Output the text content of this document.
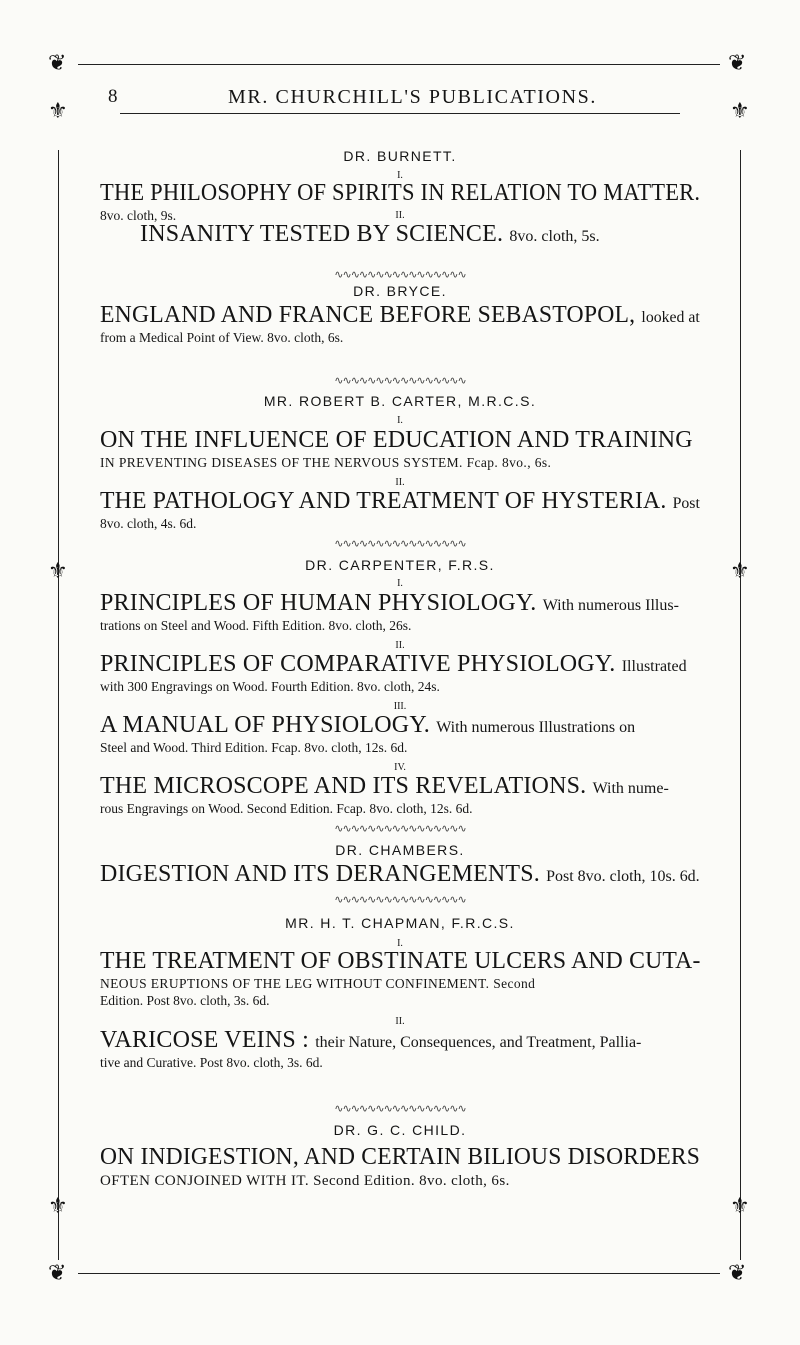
❦	❦
⚜	⚜
⚜	⚜
⚜	⚜
❦	❦
8	MR. CHURCHILL'S PUBLICATIONS.
DR. BURNETT.
I.
THE PHILOSOPHY OF SPIRITS IN RELATION TO MATTER.
8vo. cloth, 9s.	II.
INSANITY TESTED BY SCIENCE. 8vo. cloth, 5s.
∿∿∿∿∿∿∿∿∿∿∿∿∿∿∿∿
DR. BRYCE.
ENGLAND AND FRANCE BEFORE SEBASTOPOL, looked at
from a Medical Point of View. 8vo. cloth, 6s.
∿∿∿∿∿∿∿∿∿∿∿∿∿∿∿∿
MR. ROBERT B. CARTER, M.R.C.S.
I.
ON THE INFLUENCE OF EDUCATION AND TRAINING
IN PREVENTING DISEASES OF THE NERVOUS SYSTEM. Fcap. 8vo., 6s.
II.
THE PATHOLOGY AND TREATMENT OF HYSTERIA. Post
8vo. cloth, 4s. 6d.
∿∿∿∿∿∿∿∿∿∿∿∿∿∿∿∿
DR. CARPENTER, F.R.S.
I.
PRINCIPLES OF HUMAN PHYSIOLOGY. With numerous Illus-
trations on Steel and Wood. Fifth Edition. 8vo. cloth, 26s.
II.
PRINCIPLES OF COMPARATIVE PHYSIOLOGY. Illustrated
with 300 Engravings on Wood. Fourth Edition. 8vo. cloth, 24s.
III.
A MANUAL OF PHYSIOLOGY. With numerous Illustrations on
Steel and Wood. Third Edition. Fcap. 8vo. cloth, 12s. 6d.
IV.
THE MICROSCOPE AND ITS REVELATIONS. With nume-
rous Engravings on Wood. Second Edition. Fcap. 8vo. cloth, 12s. 6d.
∿∿∿∿∿∿∿∿∿∿∿∿∿∿∿∿
DR. CHAMBERS.
DIGESTION AND ITS DERANGEMENTS. Post 8vo. cloth, 10s. 6d.
∿∿∿∿∿∿∿∿∿∿∿∿∿∿∿∿
MR. H. T. CHAPMAN, F.R.C.S.
I.
THE TREATMENT OF OBSTINATE ULCERS AND CUTA-
NEOUS ERUPTIONS OF THE LEG WITHOUT CONFINEMENT. Second
Edition. Post 8vo. cloth, 3s. 6d.
II.
VARICOSE VEINS : their Nature, Consequences, and Treatment, Pallia-
tive and Curative. Post 8vo. cloth, 3s. 6d.
∿∿∿∿∿∿∿∿∿∿∿∿∿∿∿∿
DR. G. C. CHILD.
ON INDIGESTION, AND CERTAIN BILIOUS DISORDERS
OFTEN CONJOINED WITH IT. Second Edition. 8vo. cloth, 6s.
